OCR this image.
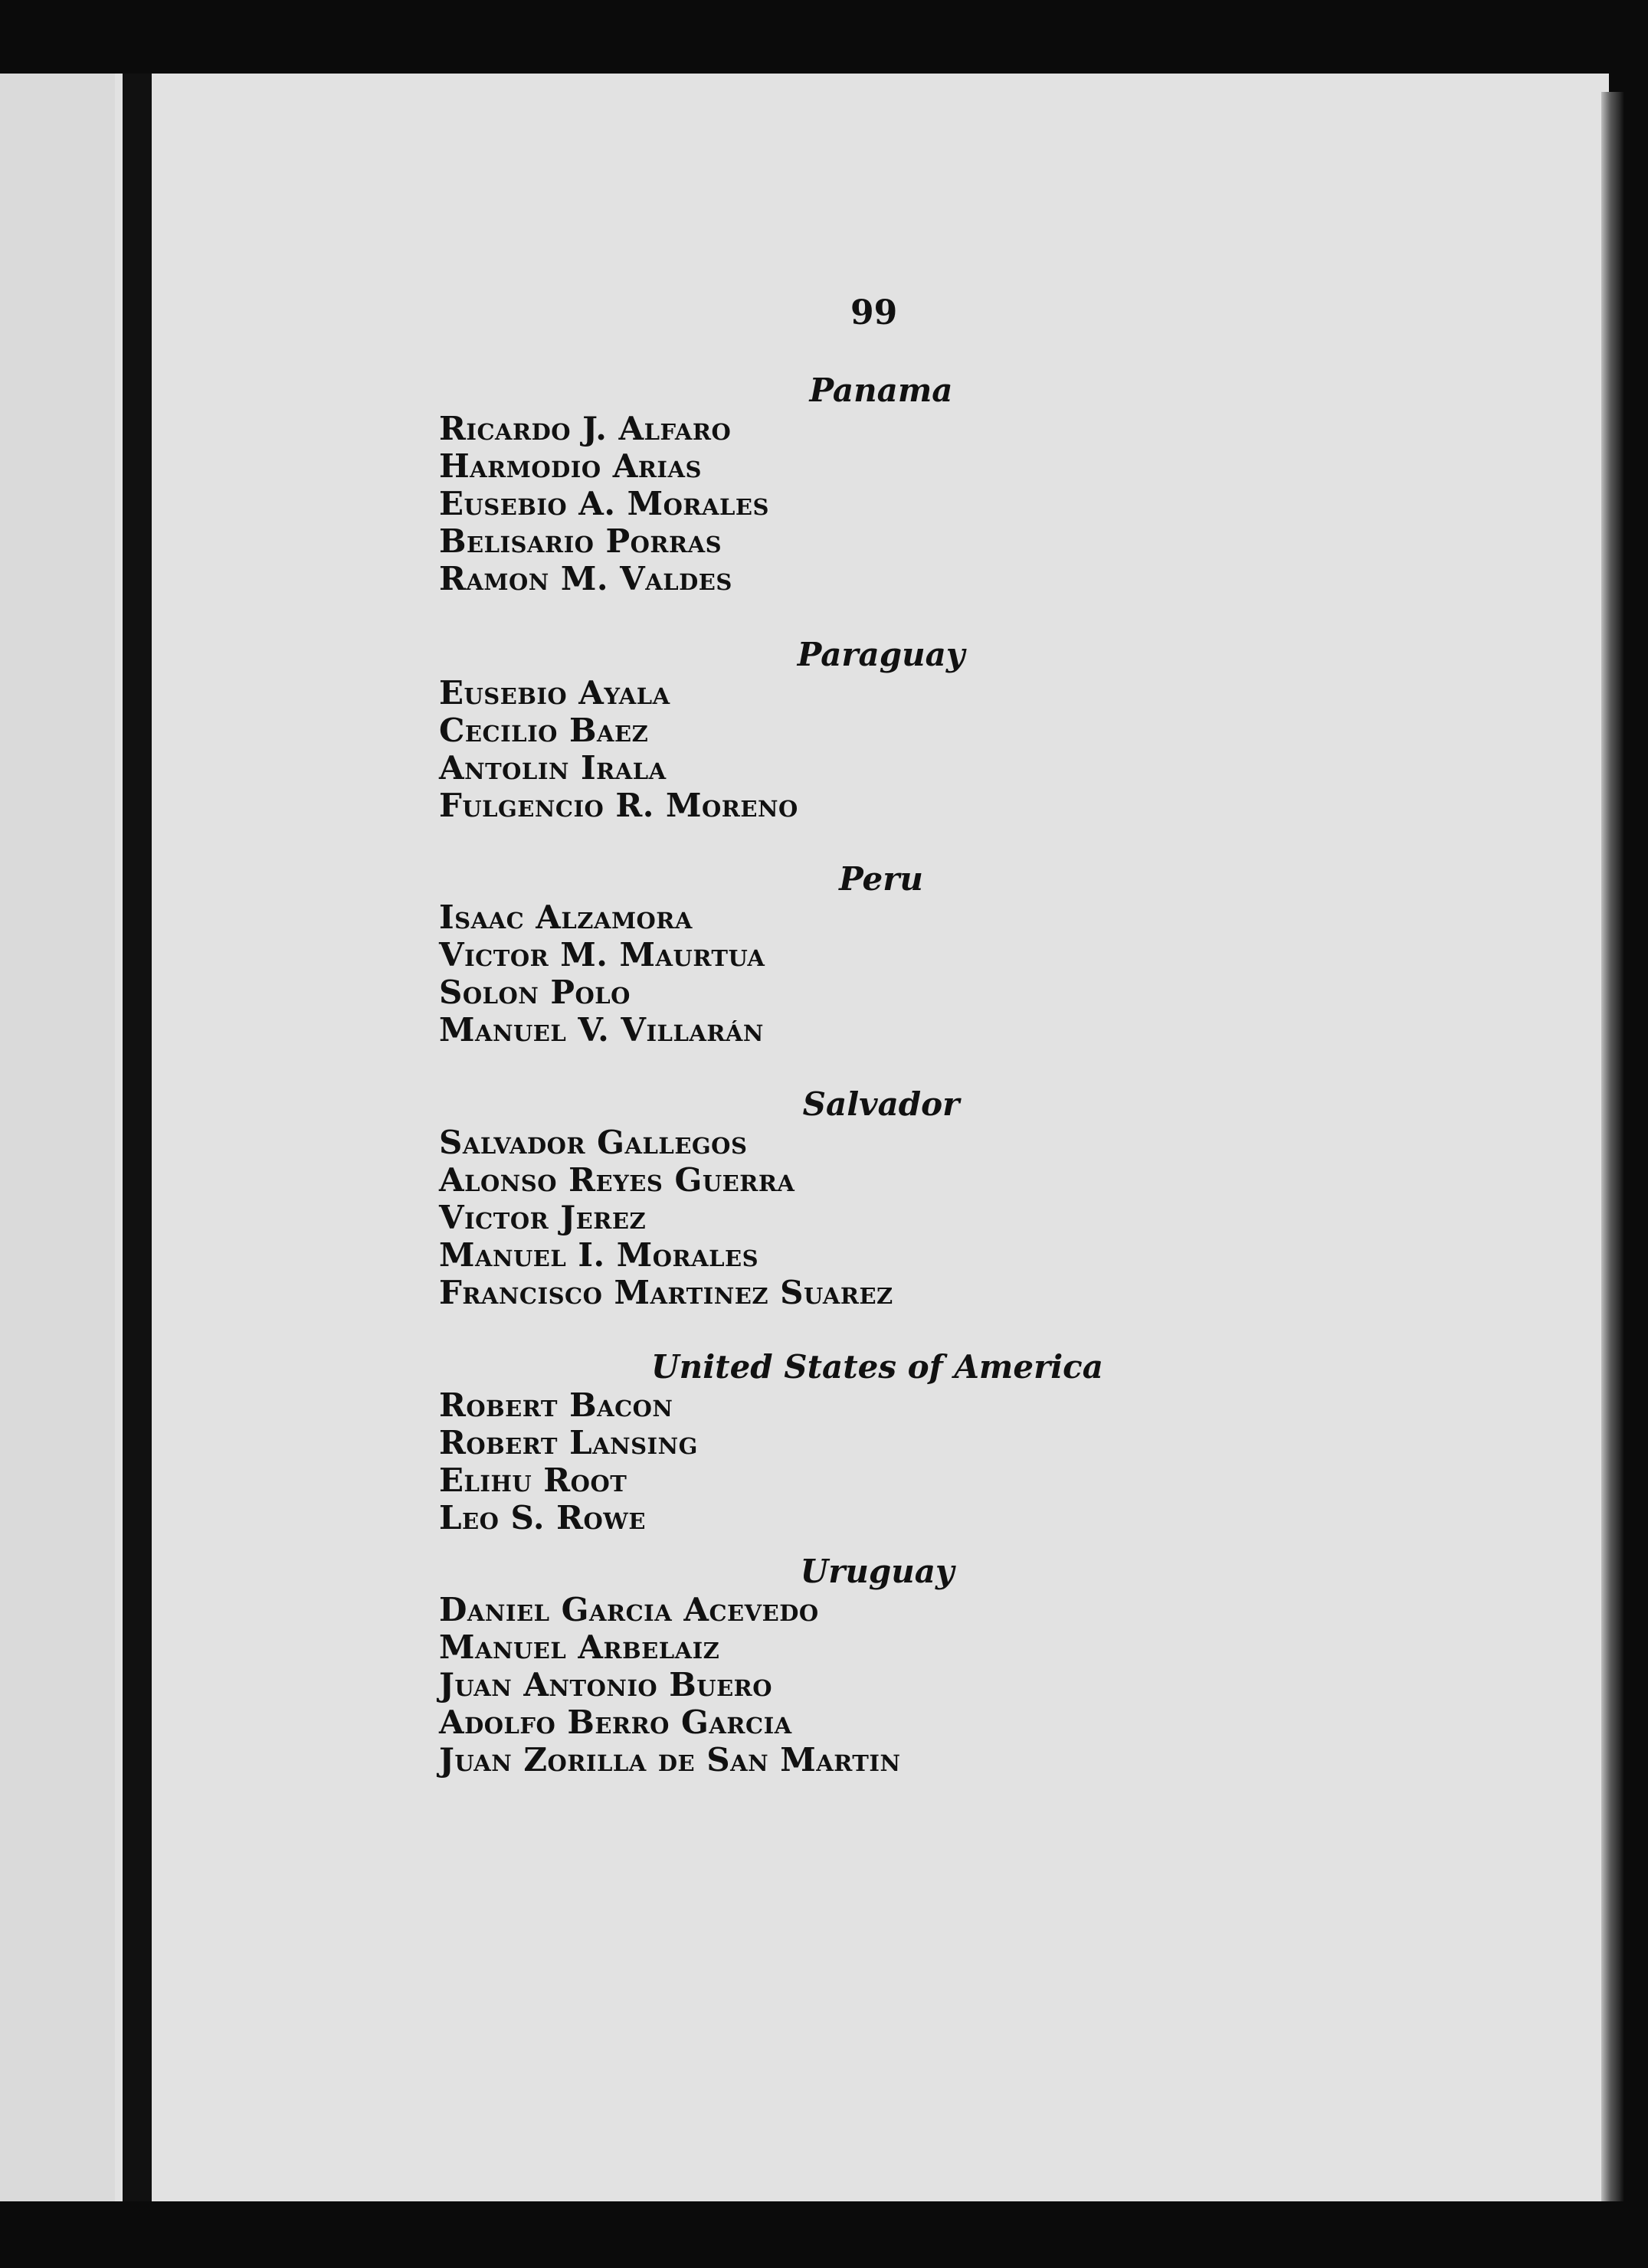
99
Panama
Ricardo J. Alfaro
Harmodio Arias
Eusebio A. Morales
Belisario Porras
Ramon M. Valdes
Paraguay
Eusebio Ayala
Cecilio Baez
Antolin Irala
Fulgencio R. Moreno
Peru
Isaac Alzamora
Victor M. Maurtua
Solon Polo
Manuel V. Villarán
Salvador
Salvador Gallegos
Alonso Reyes Guerra
Victor Jerez
Manuel I. Morales
Francisco Martinez Suarez
United States of America
Robert Bacon
Robert Lansing
Elihu Root
Leo S. Rowe
Uruguay
Daniel Garcia Acevedo
Manuel Arbelaiz
Juan Antonio Buero
Adolfo Berro Garcia
Juan Zorilla de San Martin
